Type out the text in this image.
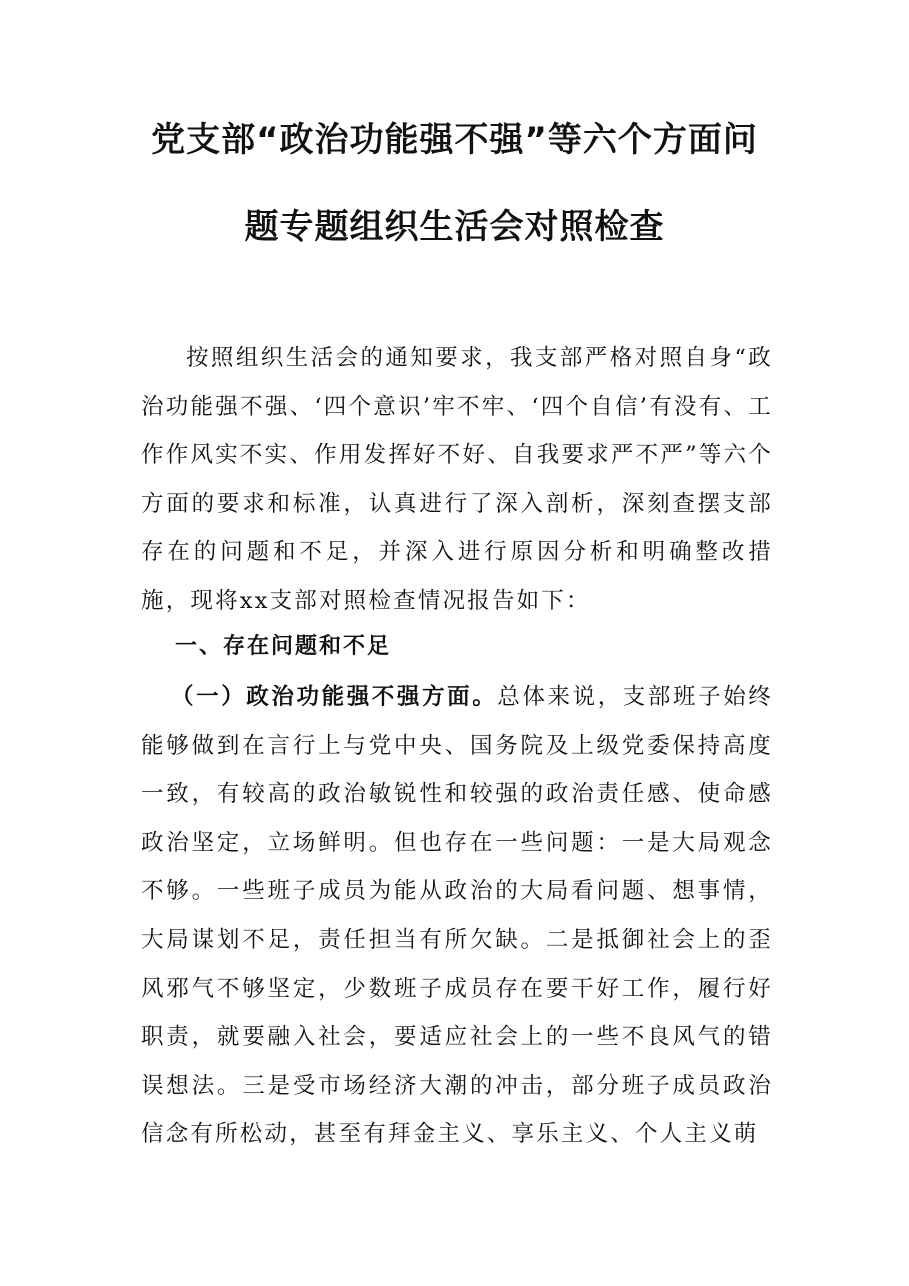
党支部“政治功能强不强”等六个方面问
题专题组织生活会对照检查
按照组织生活会的通知要求，我支部严格对照自身“政治功能强不强、‘四个意识’牢不牢、‘四个自信’有没有、工作作风实不实、作用发挥好不好、自我要求严不严”等六个方面的要求和标准，认真进行了深入剖析，深刻查摆支部存在的问题和不足，并深入进行原因分析和明确整改措施，现将xx支部对照检查情况报告如下：
一、存在问题和不足
（一）政治功能强不强方面。总体来说，支部班子始终能够做到在言行上与党中央、国务院及上级党委保持高度一致，有较高的政治敏锐性和较强的政治责任感、使命感政治坚定，立场鲜明。但也存在一些问题：一是大局观念不够。一些班子成员为能从政治的大局看问题、想事情，大局谋划不足，责任担当有所欠缺。二是抵御社会上的歪风邪气不够坚定，少数班子成员存在要干好工作，履行好职责，就要融入社会，要适应社会上的一些不良风气的错误想法。三是受市场经济大潮的冲击，部分班子成员政治信念有所松动，甚至有拜金主义、享乐主义、个人主义萌
